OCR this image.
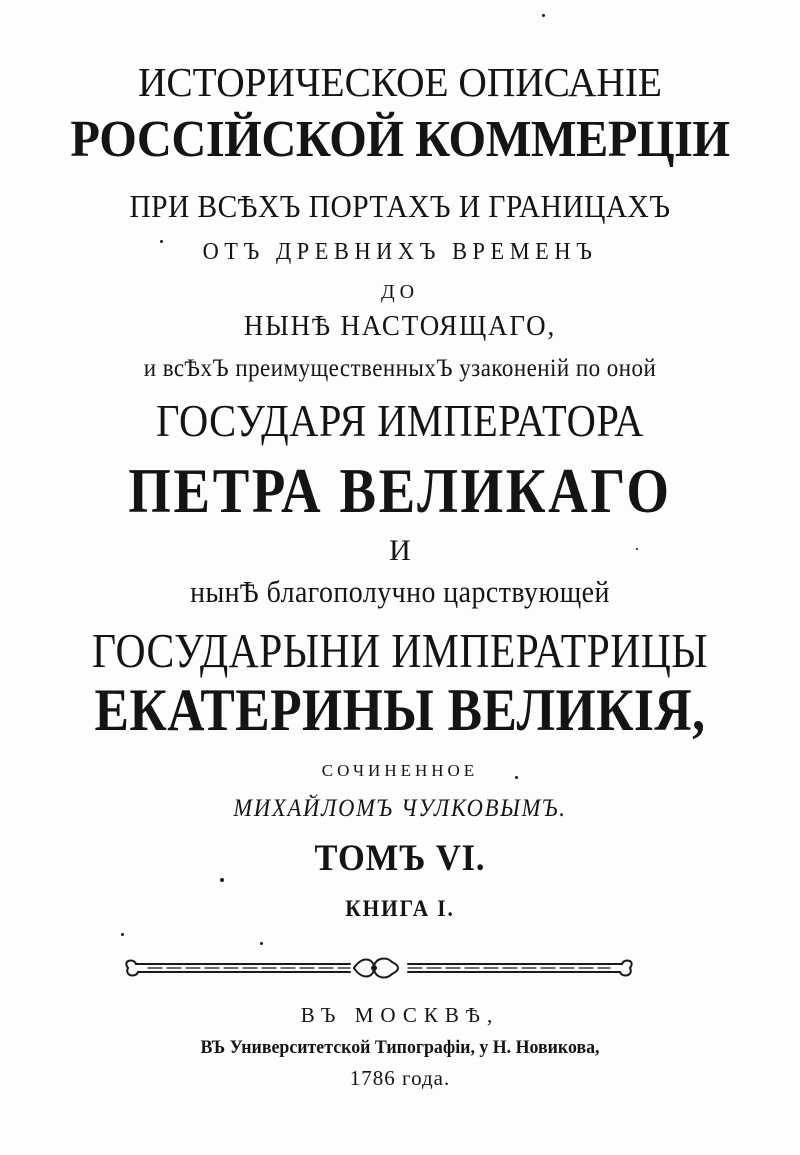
ИСТОРИЧЕСКОЕ ОПИСАНІЕ
РОССІЙСКОЙ КОММЕРЦІИ
ПРИ ВСѢХЪ ПОРТАХЪ И ГРАНИЦАХЪ
ОТЪ ДРЕВНИХЪ ВРЕМЕНЪ
ДО
НЫНѢ НАСТОЯЩАГО,
и всѢхЪ преимущественныхЪ узаконеній по оной
ГОСУДАРЯ ИМПЕРАТОРА
ПЕТРА ВЕЛИКАГО
И
нынѢ благополучно царствующей
ГОСУДАРЫНИ ИМПЕРАТРИЦЫ
ЕКАТЕРИНЫ ВЕЛИКІЯ,
СОЧИНЕННОЕ
МИХАЙЛОМЪ ЧУЛКОВЫМЪ.
ТОМЪ VI.
КНИГА I.
ВЪ МОСКВѢ,
ВЪ Университетской Типографіи, у Н. Новикова,
1786 года.
